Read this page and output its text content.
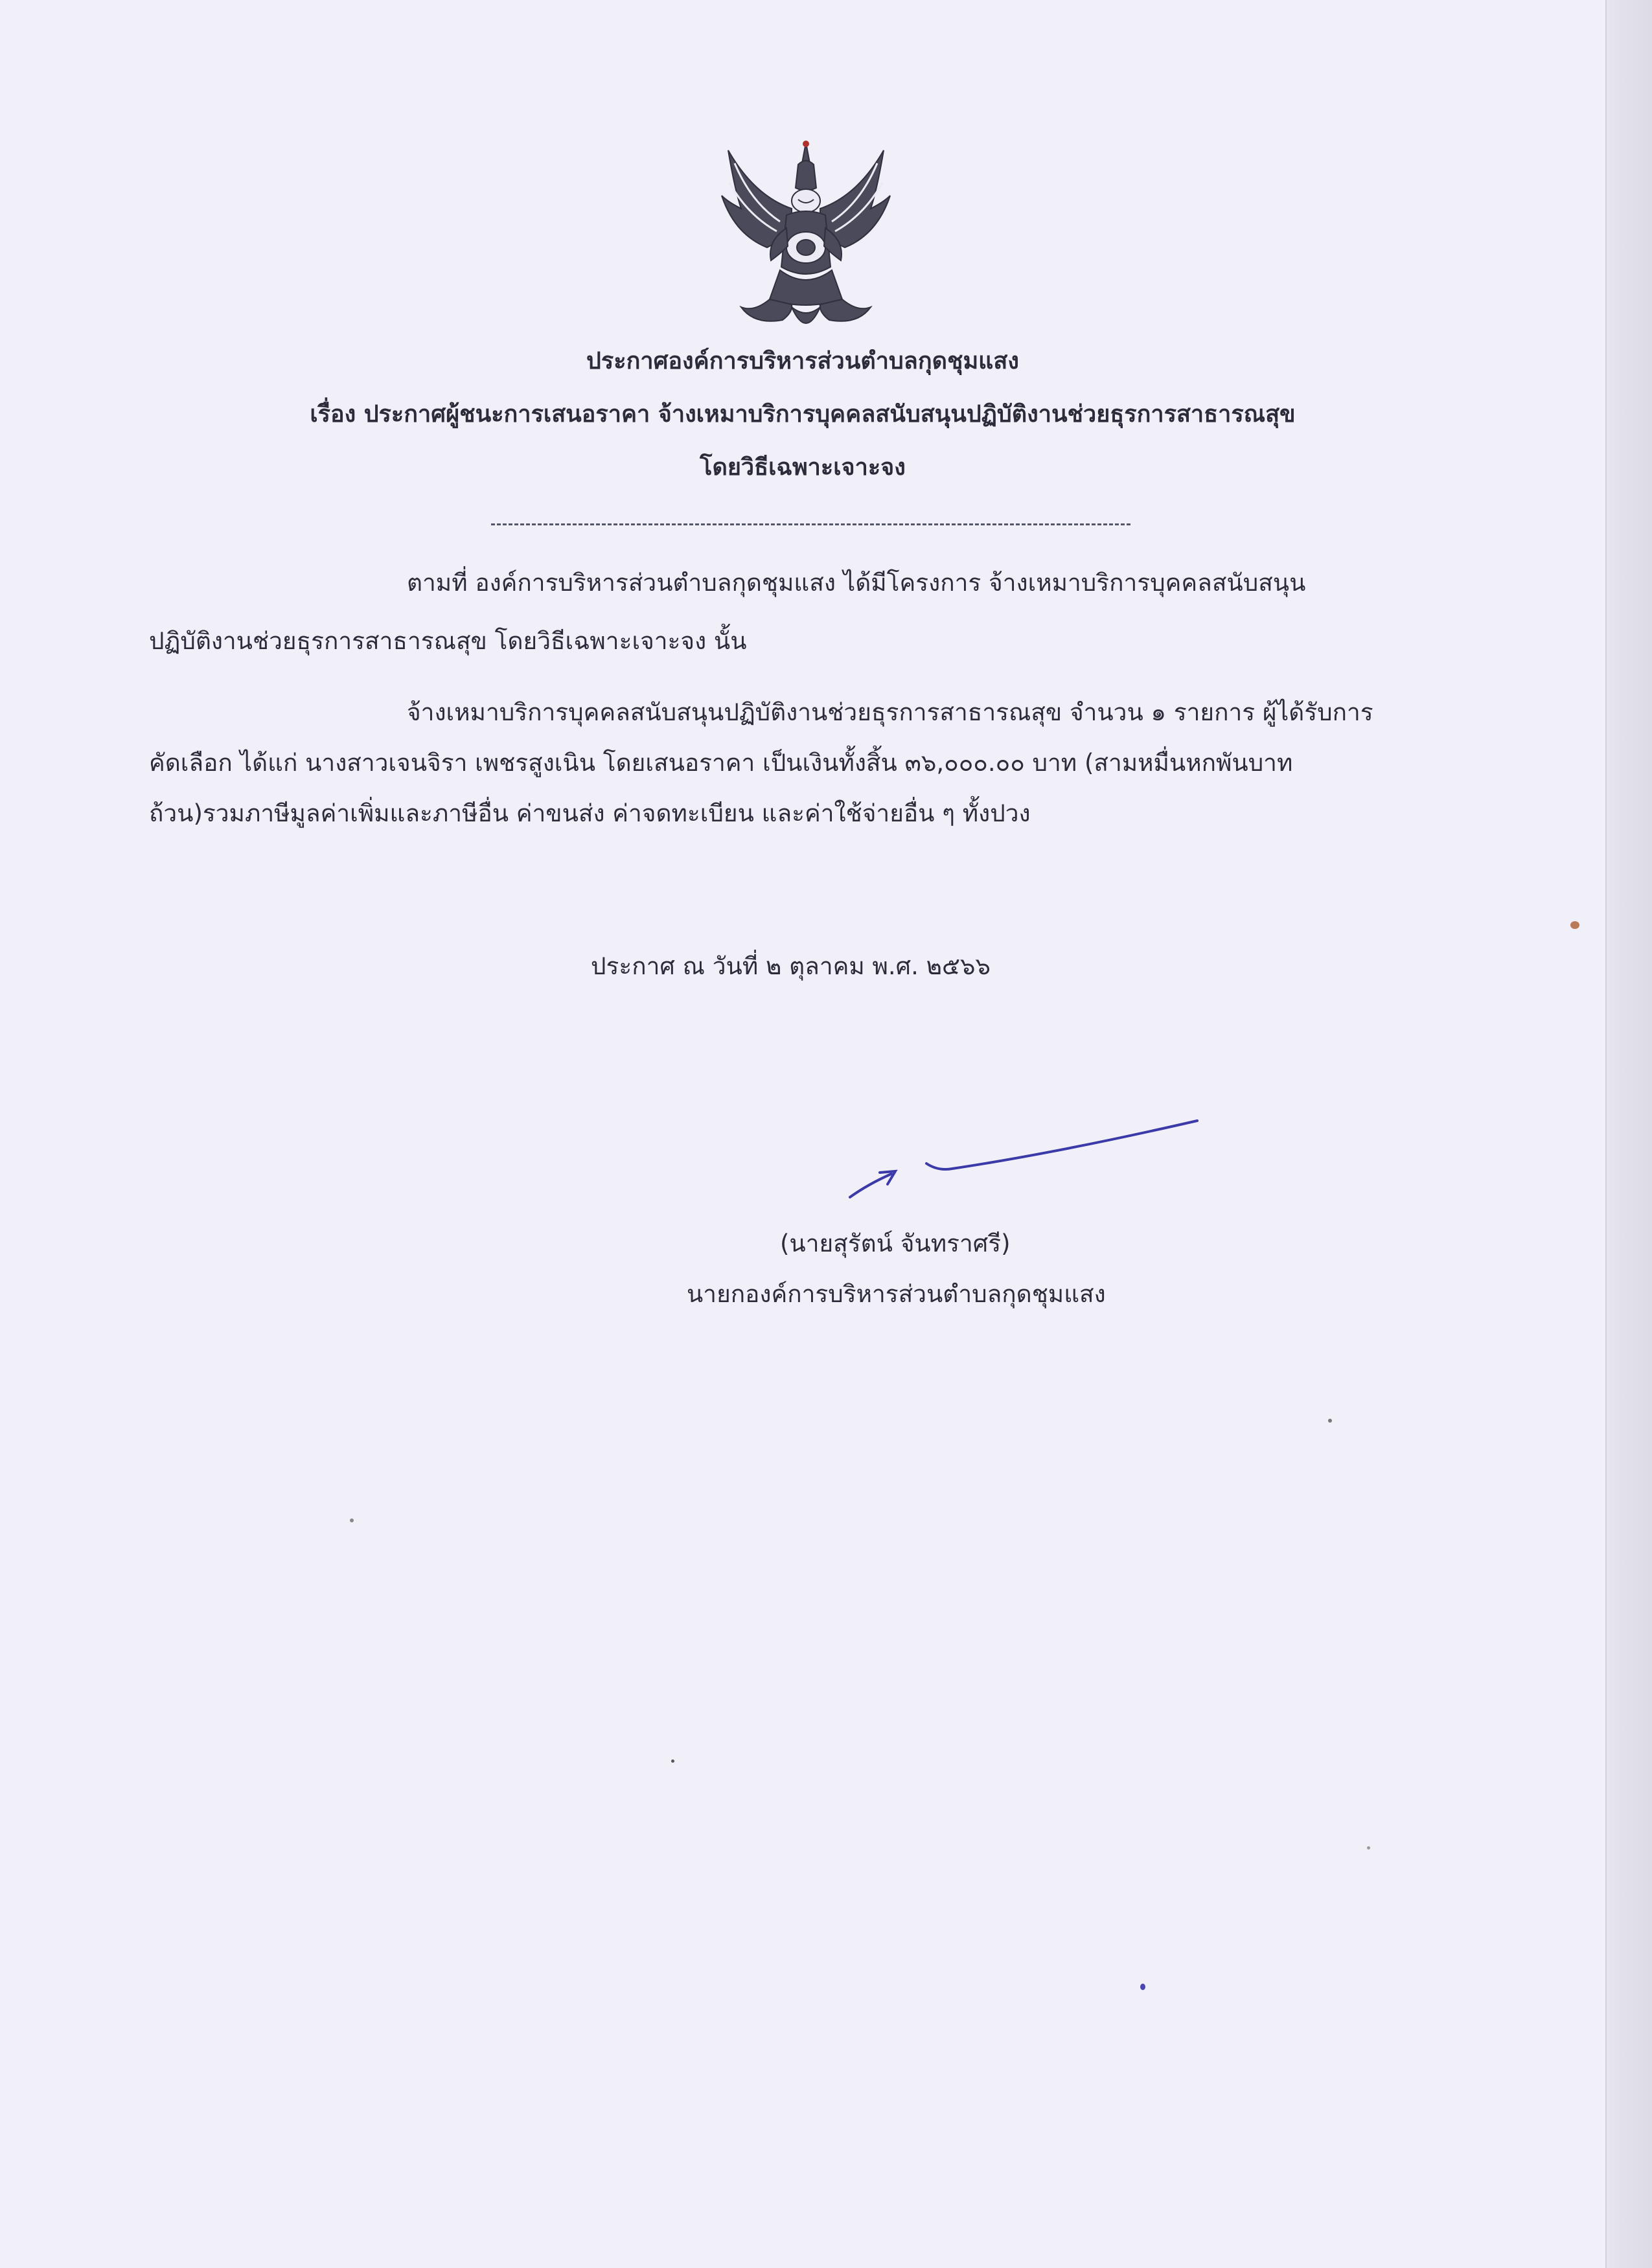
ประกาศองค์การบริหารส่วนตำบลกุดชุมแสง
เรื่อง ประกาศผู้ชนะการเสนอราคา จ้างเหมาบริการบุคคลสนับสนุนปฏิบัติงานช่วยธุรการสาธารณสุข
โดยวิธีเฉพาะเจาะจง
ตามที่ องค์การบริหารส่วนตำบลกุดชุมแสง ได้มีโครงการ จ้างเหมาบริการบุคคลสนับสนุน
ปฏิบัติงานช่วยธุรการสาธารณสุข โดยวิธีเฉพาะเจาะจง นั้น
จ้างเหมาบริการบุคคลสนับสนุนปฏิบัติงานช่วยธุรการสาธารณสุข จำนวน ๑ รายการ ผู้ได้รับการ
คัดเลือก ได้แก่ นางสาวเจนจิรา เพชรสูงเนิน โดยเสนอราคา เป็นเงินทั้งสิ้น ๓๖,๐๐๐.๐๐ บาท (สามหมื่นหกพันบาท
ถ้วน)รวมภาษีมูลค่าเพิ่มและภาษีอื่น ค่าขนส่ง ค่าจดทะเบียน และค่าใช้จ่ายอื่น ๆ ทั้งปวง
ประกาศ ณ วันที่ ๒ ตุลาคม พ.ศ. ๒๕๖๖
(นายสุรัตน์ จันทราศรี)
นายกองค์การบริหารส่วนตำบลกุดชุมแสง
